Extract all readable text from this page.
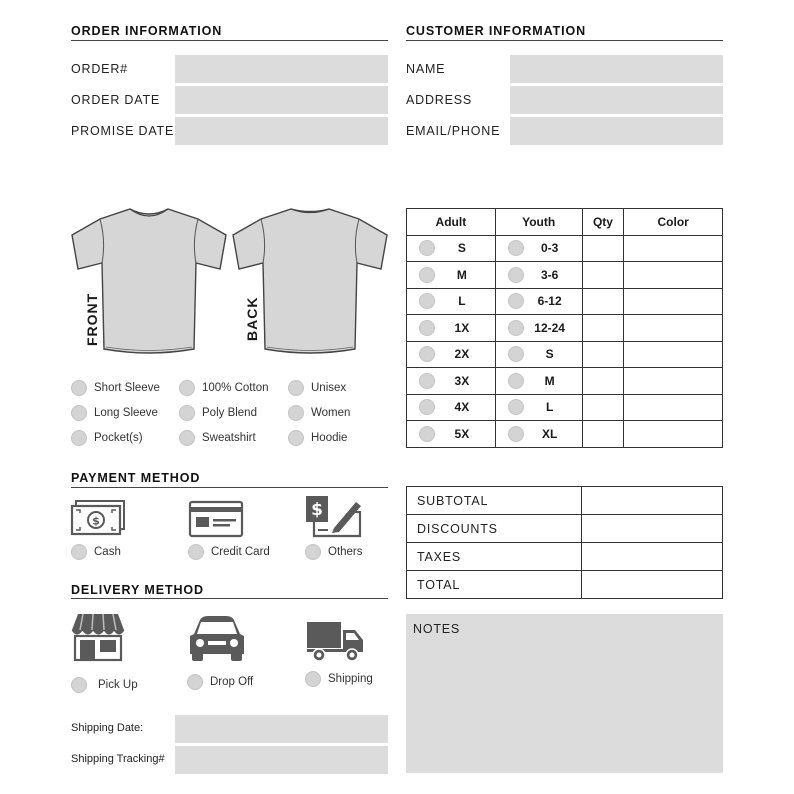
ORDER INFORMATION
ORDER#
ORDER DATE
PROMISE DATE
CUSTOMER INFORMATION
NAME
ADDRESS
EMAIL/PHONE
FRONT	BACK
Short Sleeve	100% Cotton	Unisex
Long Sleeve	Poly Blend	Women
Pocket(s)	Sweatshirt	Hoodie
Adult	Youth	Qty	Color

S	0-3		

M	3-6		

L	6-12		

1X	12-24		

2X	S		

3X	M		

4X	L		

5X	XL		

PAYMENT METHOD
$
$
Cash	Credit Card	Others
DELIVERY METHOD
Pick Up	Drop Off	Shipping
Shipping Date:
Shipping Tracking#
SUBTOTAL	
DISCOUNTS	
TAXES	
TOTAL	
NOTES
